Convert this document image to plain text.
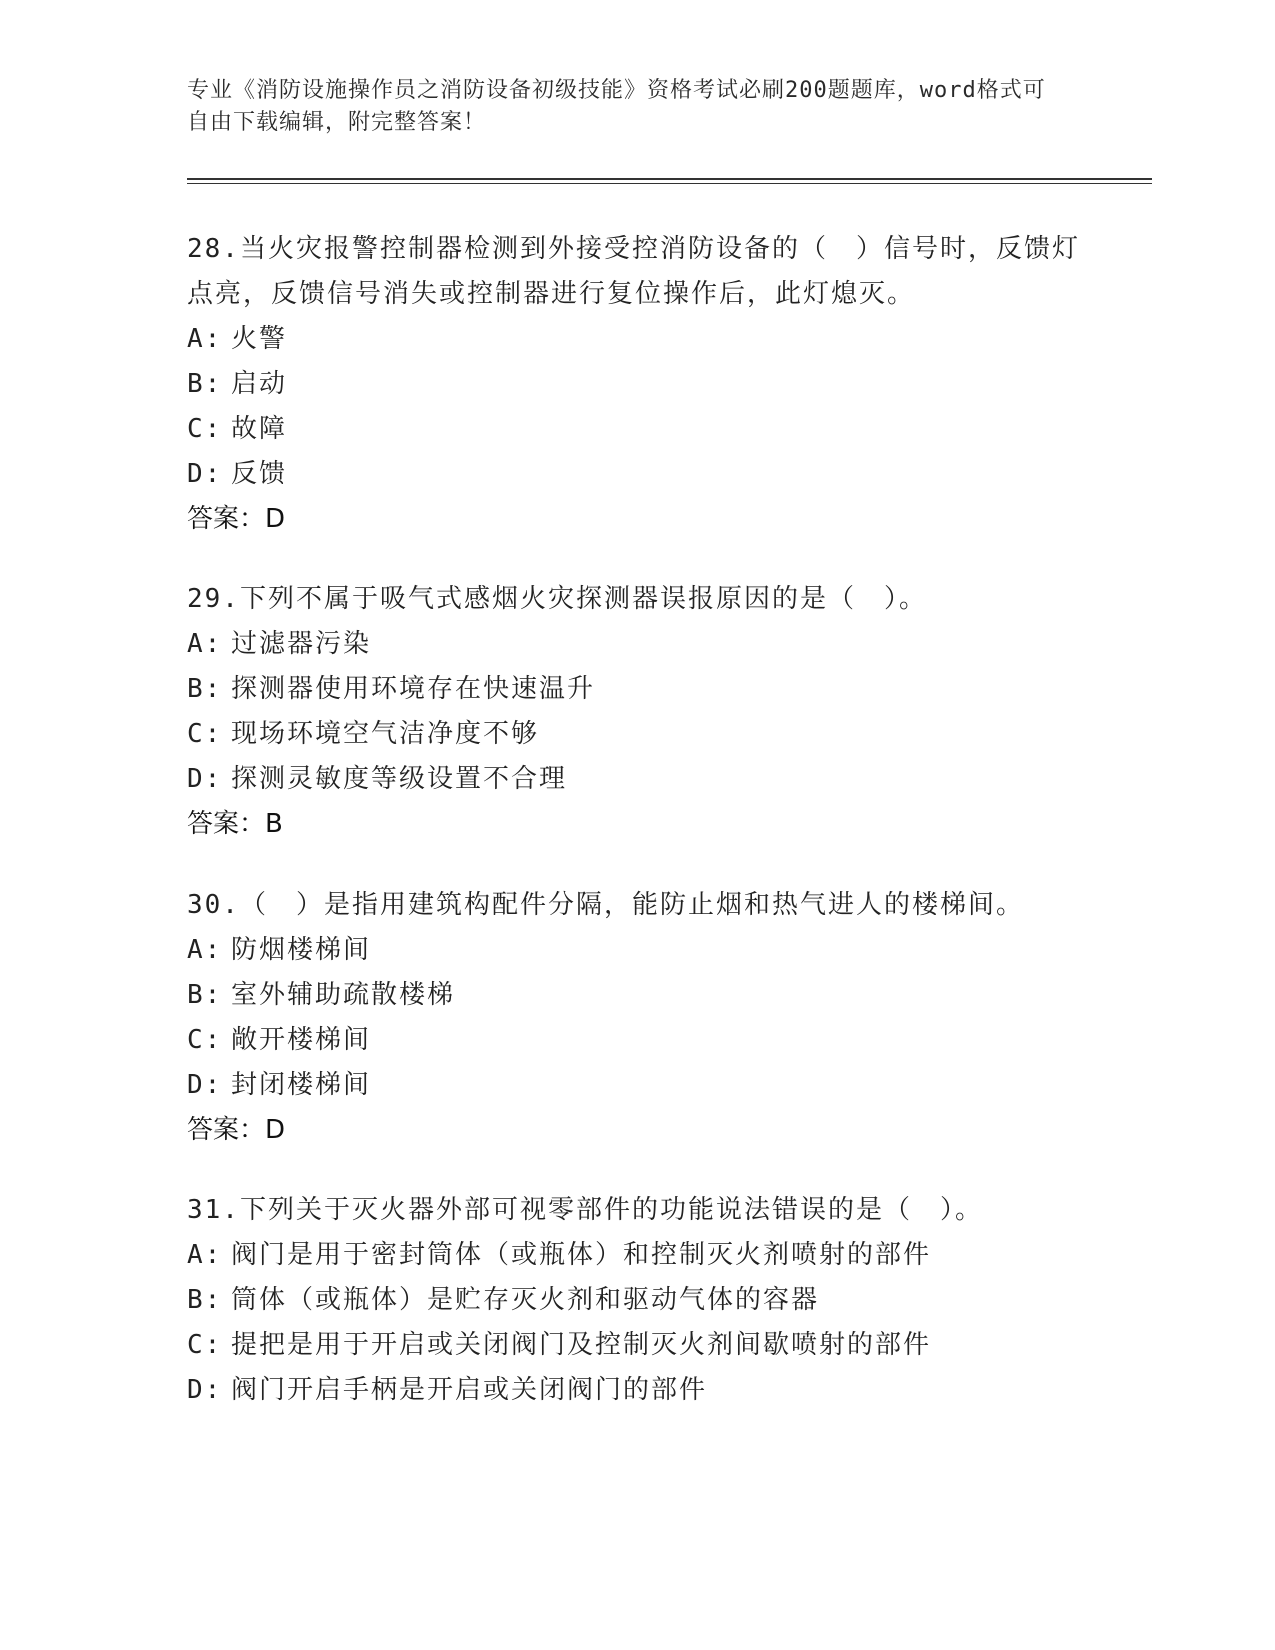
专业《消防设施操作员之消防设备初级技能》资格考试必刷200题题库，word格式可自由下载编辑，附完整答案！

28.当火灾报警控制器检测到外接受控消防设备的（　）信号时，反馈灯点亮，反馈信号消失或控制器进行复位操作后，此灯熄灭。

A: 火警

B: 启动

C: 故障

D: 反馈

答案：D

29.下列不属于吸气式感烟火灾探测器误报原因的是（　）。

A: 过滤器污染

B: 探测器使用环境存在快速温升

C: 现场环境空气洁净度不够

D: 探测灵敏度等级设置不合理

答案：B

30.（　）是指用建筑构配件分隔，能防止烟和热气进人的楼梯间。

A: 防烟楼梯间

B: 室外辅助疏散楼梯

C: 敞开楼梯间

D: 封闭楼梯间

答案：D

31.下列关于灭火器外部可视零部件的功能说法错误的是（　）。

A: 阀门是用于密封筒体（或瓶体）和控制灭火剂喷射的部件

B: 筒体（或瓶体）是贮存灭火剂和驱动气体的容器

C: 提把是用于开启或关闭阀门及控制灭火剂间歇喷射的部件

D: 阀门开启手柄是开启或关闭阀门的部件
